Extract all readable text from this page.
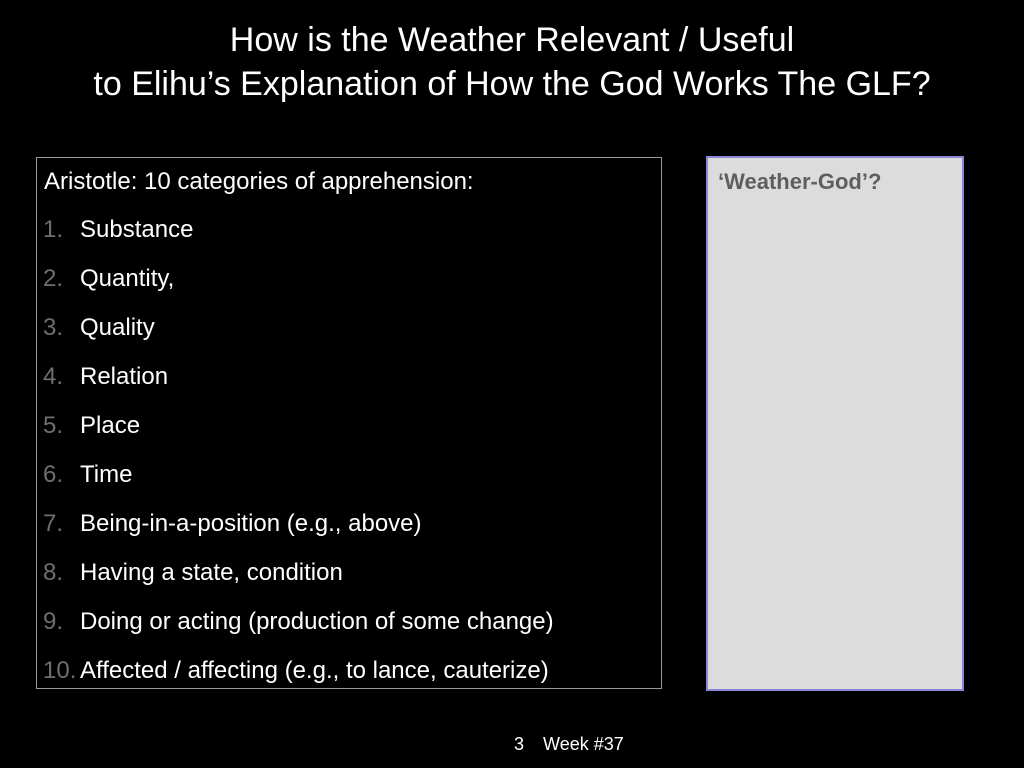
How is the Weather Relevant / Useful
to Elihu’s Explanation of How the God Works The GLF?
Aristotle: 10 categories of apprehension:
1. Substance
2. Quantity,
3. Quality
4. Relation
5. Place
6. Time
7. Being-in-a-position (e.g., above)
8. Having a state, condition
9. Doing or acting (production of some change)
10. Affected / affecting (e.g., to lance, cauterize)
‘Weather-God’?
3 Week #37
